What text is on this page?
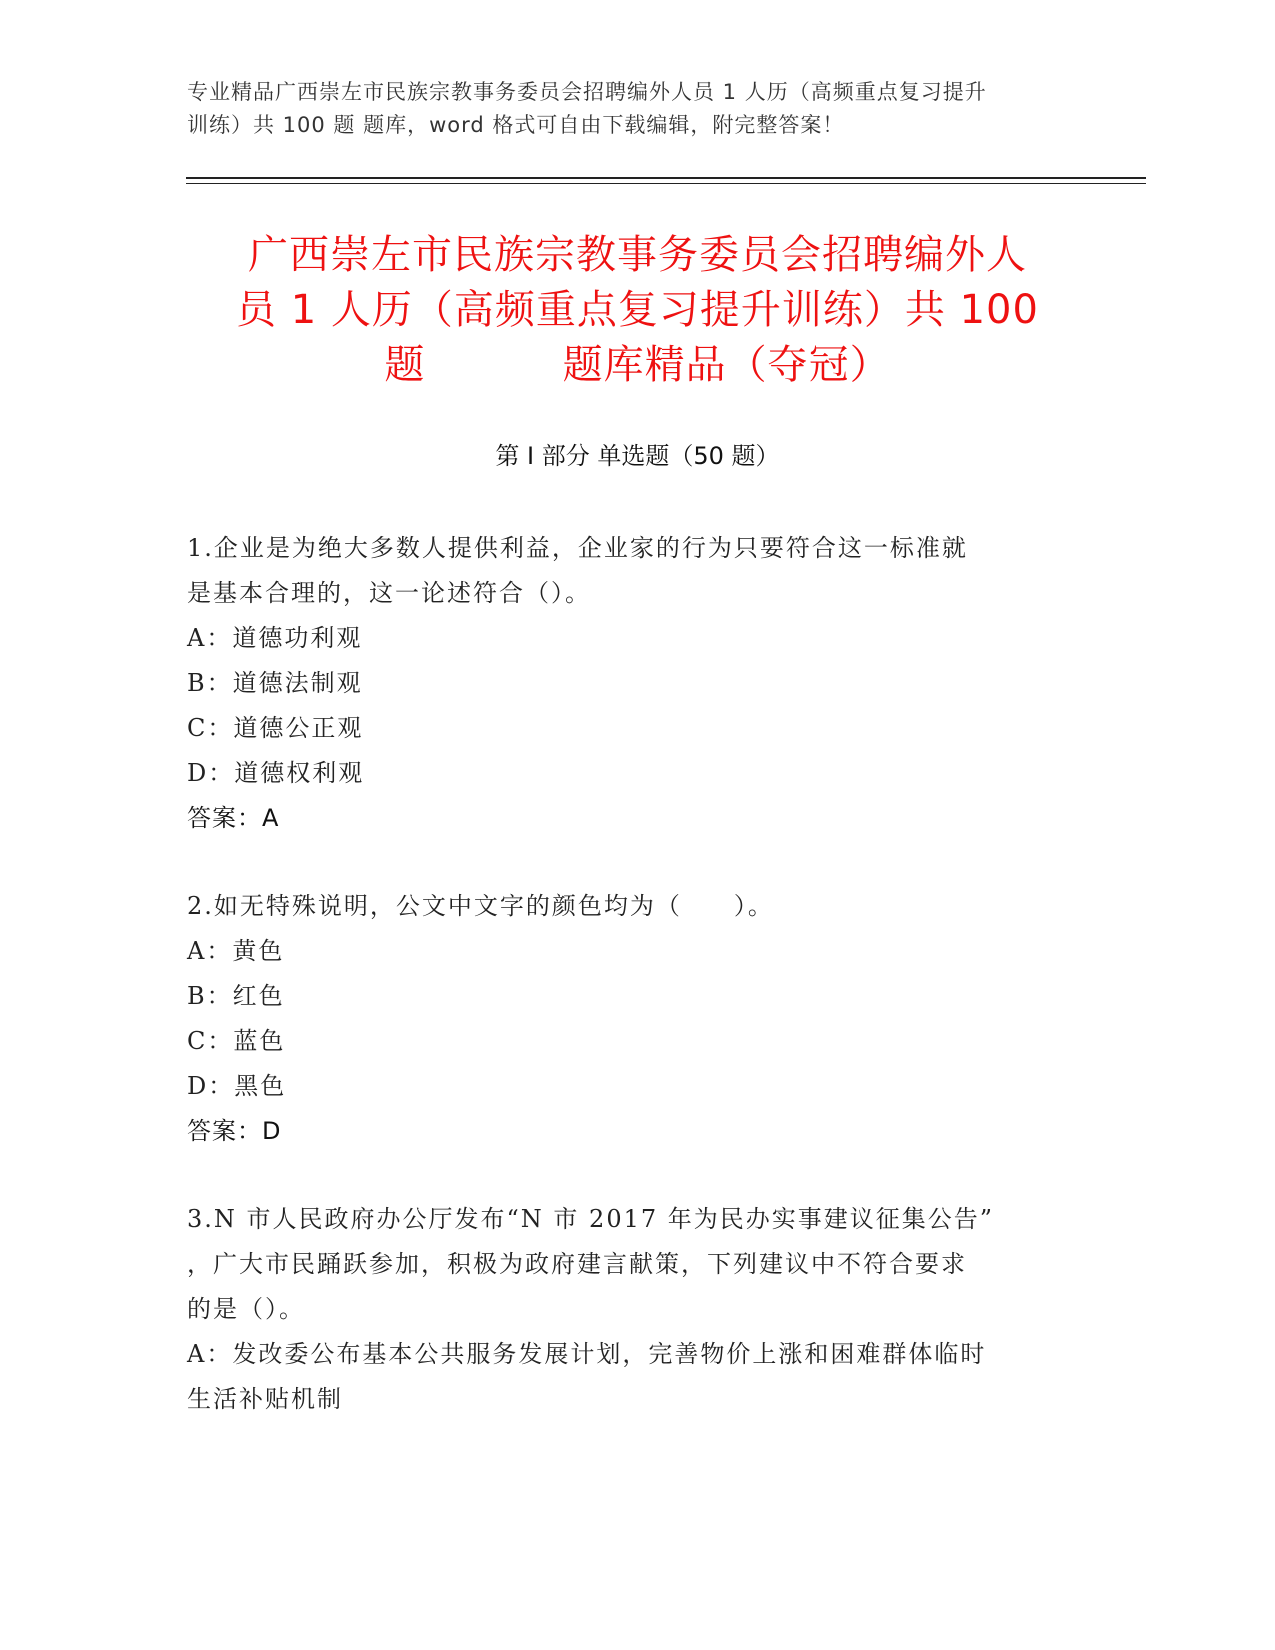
专业精品广西崇左市民族宗教事务委员会招聘编外人员 1 人历（高频重点复习提升
训练）共 100 题 题库，word 格式可自由下载编辑，附完整答案！
广西崇左市民族宗教事务委员会招聘编外人
员 1 人历（高频重点复习提升训练）共 100
题          题库精品（夺冠）
第 I 部分 单选题（50 题）
1.企业是为绝大多数人提供利益，企业家的行为只要符合这一标准就
是基本合理的，这一论述符合（）。
A：道德功利观
B：道德法制观
C：道德公正观
D：道德权利观
答案：A
2.如无特殊说明，公文中文字的颜色均为（　　）。
A：黄色
B：红色
C：蓝色
D：黑色
答案：D
3.N 市人民政府办公厅发布“N 市 2017 年为民办实事建议征集公告”
，广大市民踊跃参加，积极为政府建言献策，下列建议中不符合要求
的是（）。
A：发改委公布基本公共服务发展计划，完善物价上涨和困难群体临时
生活补贴机制
